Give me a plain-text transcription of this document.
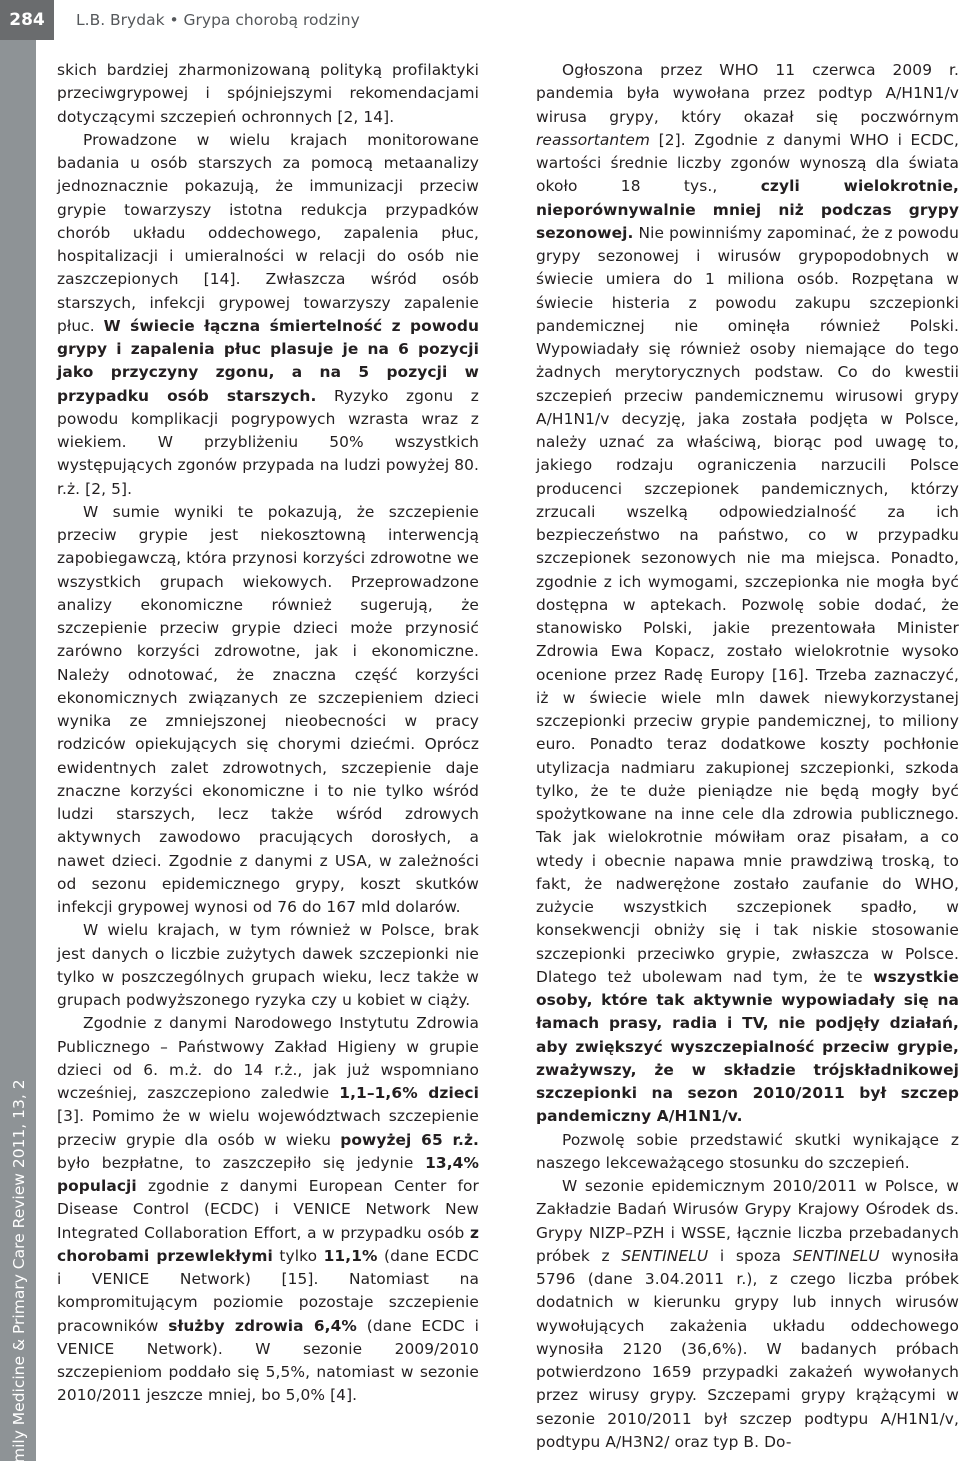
284	L.B. Brydak • Grypa chorobą rodziny
Family Medicine & Primary Care Review 2011, 13, 2

skich bardziej zharmonizowaną polityką profilaktyki przeciwgrypowej i spójniejszymi rekomendacjami dotyczącymi szczepień ochronnych [2, 14].

Prowadzone w wielu krajach monitorowane badania u osób starszych za pomocą metaanalizy jednoznacznie pokazują, że immunizacji przeciw grypie towarzyszy istotna redukcja przypadków chorób układu oddechowego, zapalenia płuc, hospitalizacji i umieralności w relacji do osób nie zaszczepionych [14]. Zwłaszcza wśród osób starszych, infekcji grypowej towarzyszy zapalenie płuc. W świecie łączna śmiertelność z powodu grypy i zapalenia płuc plasuje je na 6 pozycji jako przyczyny zgonu, a na 5 pozycji w przypadku osób starszych. Ryzyko zgonu z powodu komplikacji pogrypowych wzrasta wraz z wiekiem. W przybliżeniu 50% wszystkich występujących zgonów przypada na ludzi powyżej 80. r.ż. [2, 5].

W sumie wyniki te pokazują, że szczepienie przeciw grypie jest niekosztowną interwencją zapobiegawczą, która przynosi korzyści zdrowotne we wszystkich grupach wiekowych. Przeprowadzone analizy ekonomiczne również sugerują, że szczepienie przeciw grypie dzieci może przynosić zarówno korzyści zdrowotne, jak i ekonomiczne. Należy odnotować, że znaczna część korzyści ekonomicznych związanych ze szczepieniem dzieci wynika ze zmniejszonej nieobecności w pracy rodziców opiekujących się chorymi dziećmi. Oprócz ewidentnych zalet zdrowotnych, szczepienie daje znaczne korzyści ekonomiczne i to nie tylko wśród ludzi starszych, lecz także wśród zdrowych aktywnych zawodowo pracujących dorosłych, a nawet dzieci. Zgodnie z danymi z USA, w zależności od sezonu epidemicznego grypy, koszt skutków infekcji grypowej wynosi od 76 do 167 mld dolarów.

W wielu krajach, w tym również w Polsce, brak jest danych o liczbie zużytych dawek szczepionki nie tylko w poszczególnych grupach wieku, lecz także w grupach podwyższonego ryzyka czy u kobiet w ciąży.

Zgodnie z danymi Narodowego Instytutu Zdrowia Publicznego – Państwowy Zakład Higieny w grupie dzieci od 6. m.ż. do 14 r.ż., jak już wspomniano wcześniej, zaszczepiono zaledwie 1,1–1,6% dzieci [3]. Pomimo że w wielu województwach szczepienie przeciw grypie dla osób w wieku powyżej 65 r.ż. było bezpłatne, to zaszczepiło się jedynie 13,4% populacji zgodnie z danymi European Center for Disease Control (ECDC) i VENICE Network New Integrated Collaboration Effort, a w przypadku osób z chorobami przewlekłymi tylko 11,1% (dane ECDC i VENICE Network) [15]. Natomiast na kompromitującym poziomie pozostaje szczepienie pracowników służby zdrowia 6,4% (dane ECDC i VENICE Network). W sezonie 2009/2010 szczepieniom poddało się 5,5%, natomiast w sezonie 2010/2011 jeszcze mniej, bo 5,0% [4].

Ogłoszona przez WHO 11 czerwca 2009 r. pandemia była wywołana przez podtyp A/H1N1/v wirusa grypy, który okazał się poczwórnym reassortantem [2]. Zgodnie z danymi WHO i ECDC, wartości średnie liczby zgonów wynoszą dla świata około 18 tys., czyli wielokrotnie, nieporównywalnie mniej niż podczas grypy sezonowej. Nie powinniśmy zapominać, że z powodu grypy sezonowej i wirusów grypopodobnych w świecie umiera do 1 miliona osób. Rozpętana w świecie histeria z powodu zakupu szczepionki pandemicznej nie ominęła również Polski. Wypowiadały się również osoby niemające do tego żadnych merytorycznych podstaw. Co do kwestii szczepień przeciw pandemicznemu wirusowi grypy A/H1N1/v decyzję, jaka została podjęta w Polsce, należy uznać za właściwą, biorąc pod uwagę to, jakiego rodzaju ograniczenia narzucili Polsce producenci szczepionek pandemicznych, którzy zrzucali wszelką odpowiedzialność za ich bezpieczeństwo na państwo, co w przypadku szczepionek sezonowych nie ma miejsca. Ponadto, zgodnie z ich wymogami, szczepionka nie mogła być dostępna w aptekach. Pozwolę sobie dodać, że stanowisko Polski, jakie prezentowała Minister Zdrowia Ewa Kopacz, zostało wielokrotnie wysoko ocenione przez Radę Europy [16]. Trzeba zaznaczyć, iż w świecie wiele mln dawek niewykorzystanej szczepionki przeciw grypie pandemicznej, to miliony euro. Ponadto teraz dodatkowe koszty pochłonie utylizacja nadmiaru zakupionej szczepionki, szkoda tylko, że te duże pieniądze nie będą mogły być spożytkowane na inne cele dla zdrowia publicznego. Tak jak wielokrotnie mówiłam oraz pisałam, a co wtedy i obecnie napawa mnie prawdziwą troską, to fakt, że nadwerężone zostało zaufanie do WHO, zużycie wszystkich szczepionek spadło, w konsekwencji obniży się i tak niskie stosowanie szczepionki przeciwko grypie, zwłaszcza w Polsce. Dlatego też ubolewam nad tym, że te wszystkie osoby, które tak aktywnie wypowiadały się na łamach prasy, radia i TV, nie podjęły działań, aby zwiększyć wyszczepialność przeciw grypie, zważywszy, że w składzie trójskładnikowej szczepionki na sezon 2010/2011 był szczep pandemiczny A/H1N1/v.

Pozwolę sobie przedstawić skutki wynikające z naszego lekceważącego stosunku do szczepień.

W sezonie epidemicznym 2010/2011 w Polsce, w Zakładzie Badań Wirusów Grypy Krajowy Ośrodek ds. Grypy NIZP–PZH i WSSE, łącznie liczba przebadanych próbek z SENTINELU i spoza SENTINELU wynosiła 5796 (dane 3.04.2011 r.), z czego liczba próbek dodatnich w kierunku grypy lub innych wirusów wywołujących zakażenia układu oddechowego wynosiła 2120 (36,6%). W badanych próbach potwierdzono 1659 przypadki zakażeń wywołanych przez wirusy grypy. Szczepami grypy krążącymi w sezonie 2010/2011 był szczep podtypu A/H1N1/v, podtypu A/H3N2/ oraz typ B. Do-
